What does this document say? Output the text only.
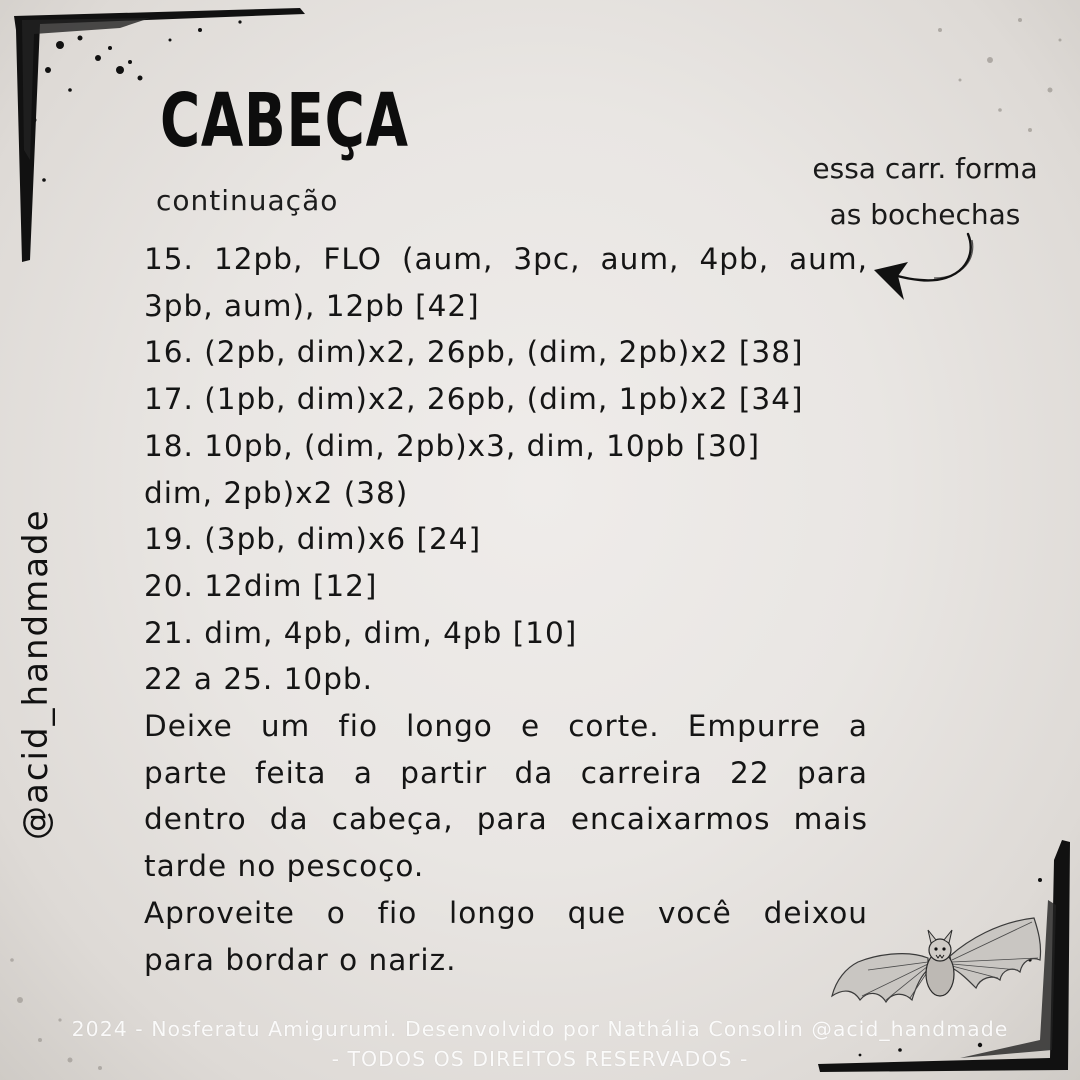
CABEÇA
continuação
essa carr. forma
as bochechas
@acid_handmade
15. 12pb, FLO (aum, 3pc, aum, 4pb, aum,
3pb, aum), 12pb [42]
16. (2pb, dim)x2, 26pb, (dim, 2pb)x2 [38]
17. (1pb, dim)x2, 26pb, (dim, 1pb)x2 [34]
18. 10pb, (dim, 2pb)x3, dim, 10pb [30]
dim, 2pb)x2 (38)
19. (3pb, dim)x6 [24]
20. 12dim [12]
21. dim, 4pb, dim, 4pb [10]
22 a 25. 10pb.
Deixe um fio longo e corte. Empurre a
parte feita a partir da carreira 22 para
dentro da cabeça, para encaixarmos mais
tarde no pescoço.
Aproveite o fio longo que você deixou
para bordar o nariz.
2024 - Nosferatu Amigurumi. Desenvolvido por Nathália Consolin @acid_handmade
- TODOS OS DIREITOS RESERVADOS -
